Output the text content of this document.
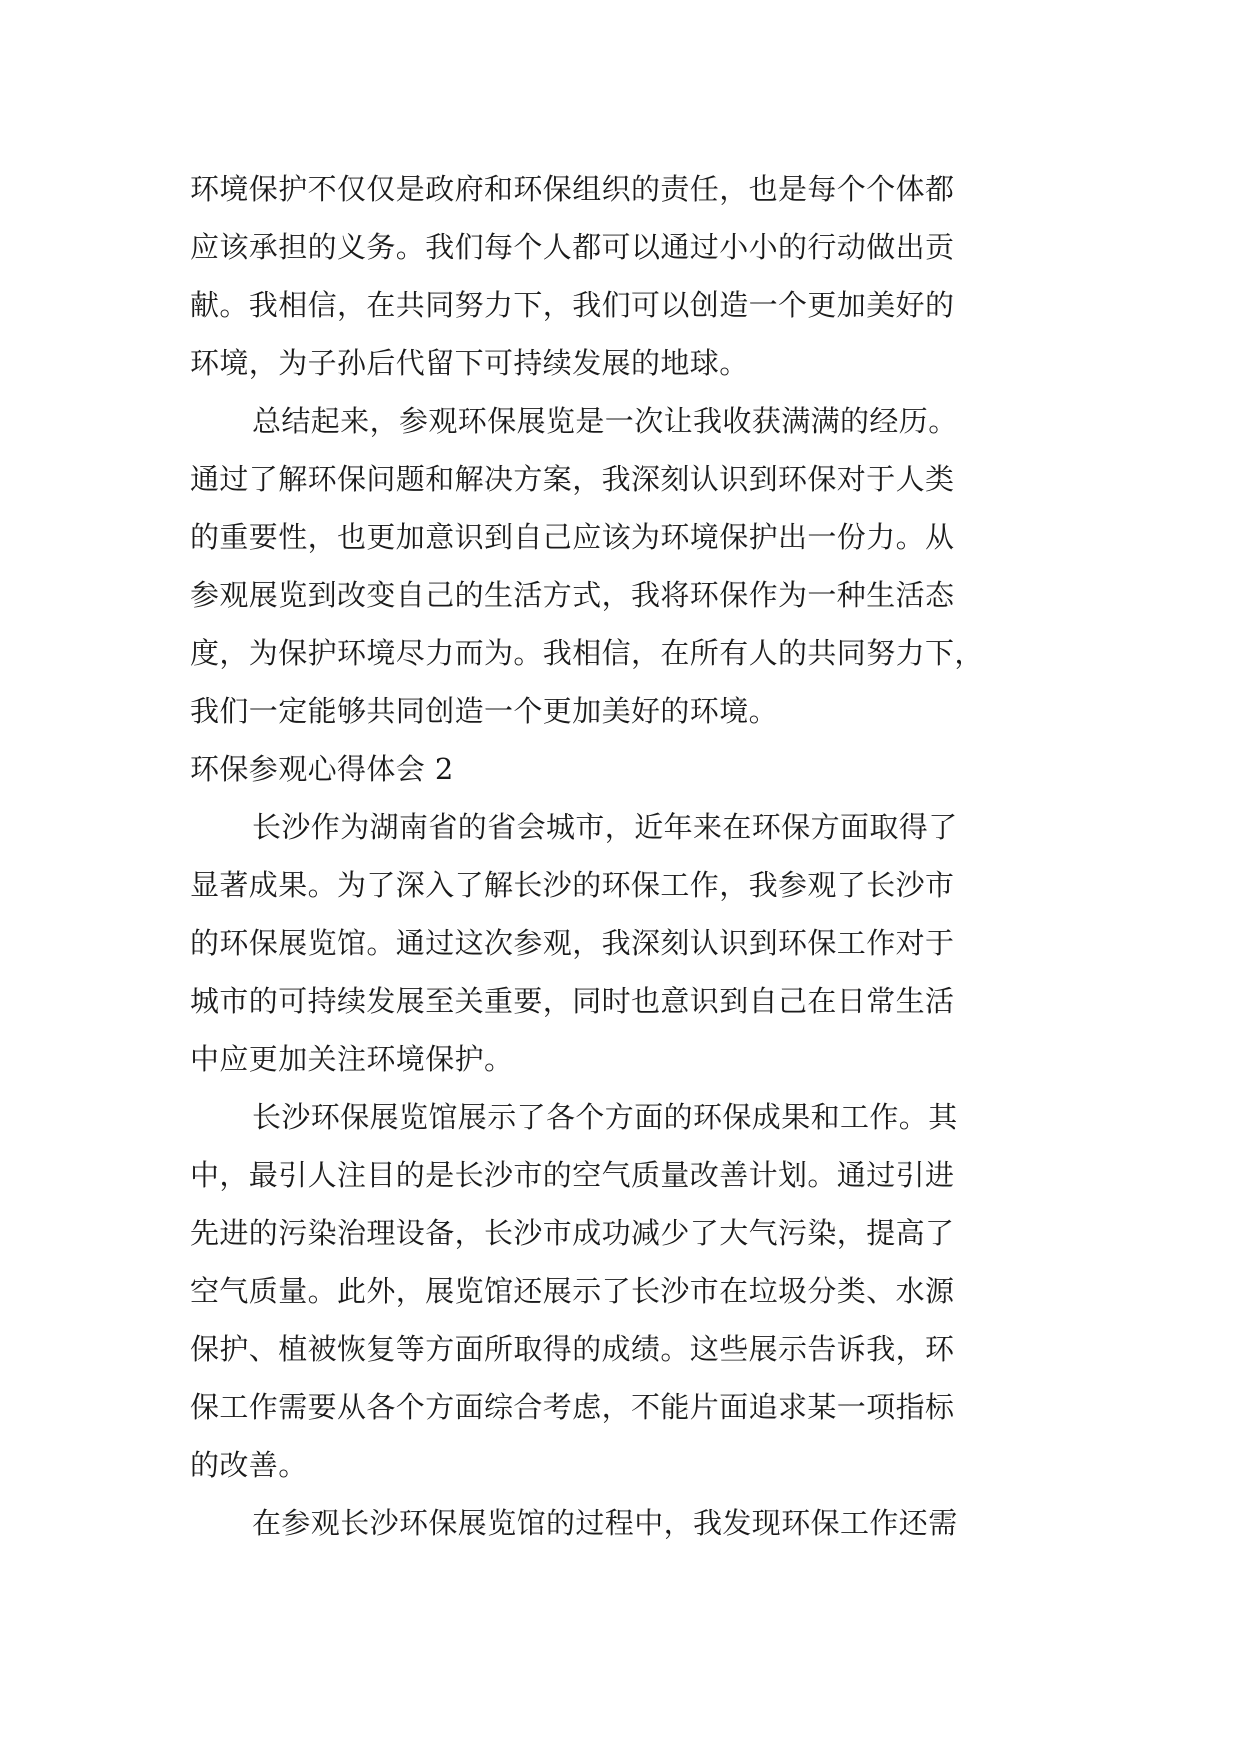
环境保护不仅仅是政府和环保组织的责任，也是每个个体都
应该承担的义务。我们每个人都可以通过小小的行动做出贡
献。我相信，在共同努力下，我们可以创造一个更加美好的
环境，为子孙后代留下可持续发展的地球。
总结起来，参观环保展览是一次让我收获满满的经历。
通过了解环保问题和解决方案，我深刻认识到环保对于人类
的重要性，也更加意识到自己应该为环境保护出一份力。从
参观展览到改变自己的生活方式，我将环保作为一种生活态
度，为保护环境尽力而为。我相信，在所有人的共同努力下，
我们一定能够共同创造一个更加美好的环境。
环保参观心得体会 2
长沙作为湖南省的省会城市，近年来在环保方面取得了
显著成果。为了深入了解长沙的环保工作，我参观了长沙市
的环保展览馆。通过这次参观，我深刻认识到环保工作对于
城市的可持续发展至关重要，同时也意识到自己在日常生活
中应更加关注环境保护。
长沙环保展览馆展示了各个方面的环保成果和工作。其
中，最引人注目的是长沙市的空气质量改善计划。通过引进
先进的污染治理设备，长沙市成功减少了大气污染，提高了
空气质量。此外，展览馆还展示了长沙市在垃圾分类、水源
保护、植被恢复等方面所取得的成绩。这些展示告诉我，环
保工作需要从各个方面综合考虑，不能片面追求某一项指标
的改善。
在参观长沙环保展览馆的过程中，我发现环保工作还需
